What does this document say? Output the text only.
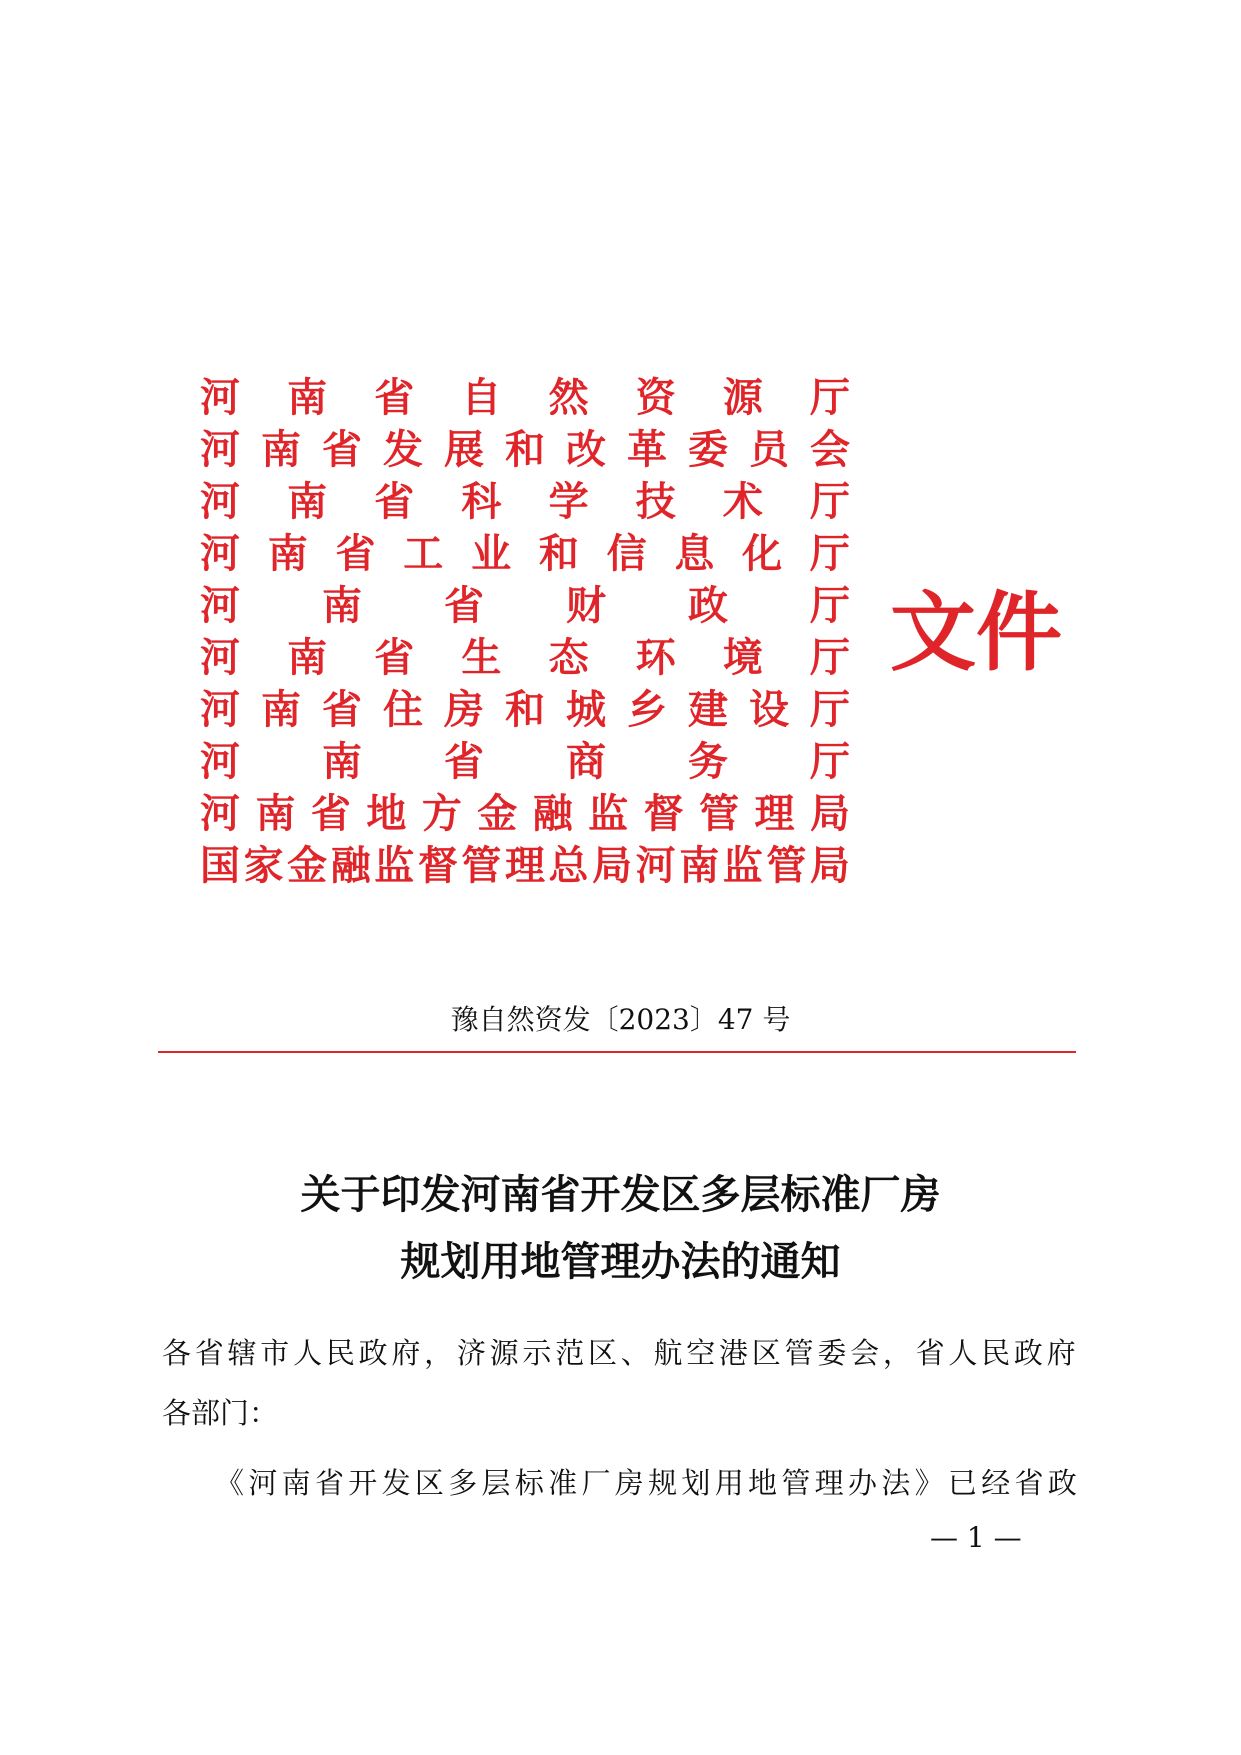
河 南 省 自 然 资 源 厅
河 南 省 发 展 和 改 革 委 员 会
河 南 省 科 学 技 术 厅
河 南 省 工 业 和 信 息 化 厅
河 南 省 财 政 厅
河 南 省 生 态 环 境 厅
河 南 省 住 房 和 城 乡 建 设 厅
河 南 省 商 务 厅
河 南 省 地 方 金 融 监 督 管 理 局
国 家 金 融 监 督 管 理 总 局 河 南 监 管 局
文件
豫自然资发〔2023〕47 号
关于印发河南省开发区多层标准厂房
规划用地管理办法的通知
各 省 辖 市 人 民 政 府 ， 济 源 示 范 区 、 航 空 港 区 管 委 会 ， 省 人 民 政 府
各部门：
《 河 南 省 开 发 区 多 层 标 准 厂 房 规 划 用 地 管 理 办 法 》 已 经 省 政
— 1 —
